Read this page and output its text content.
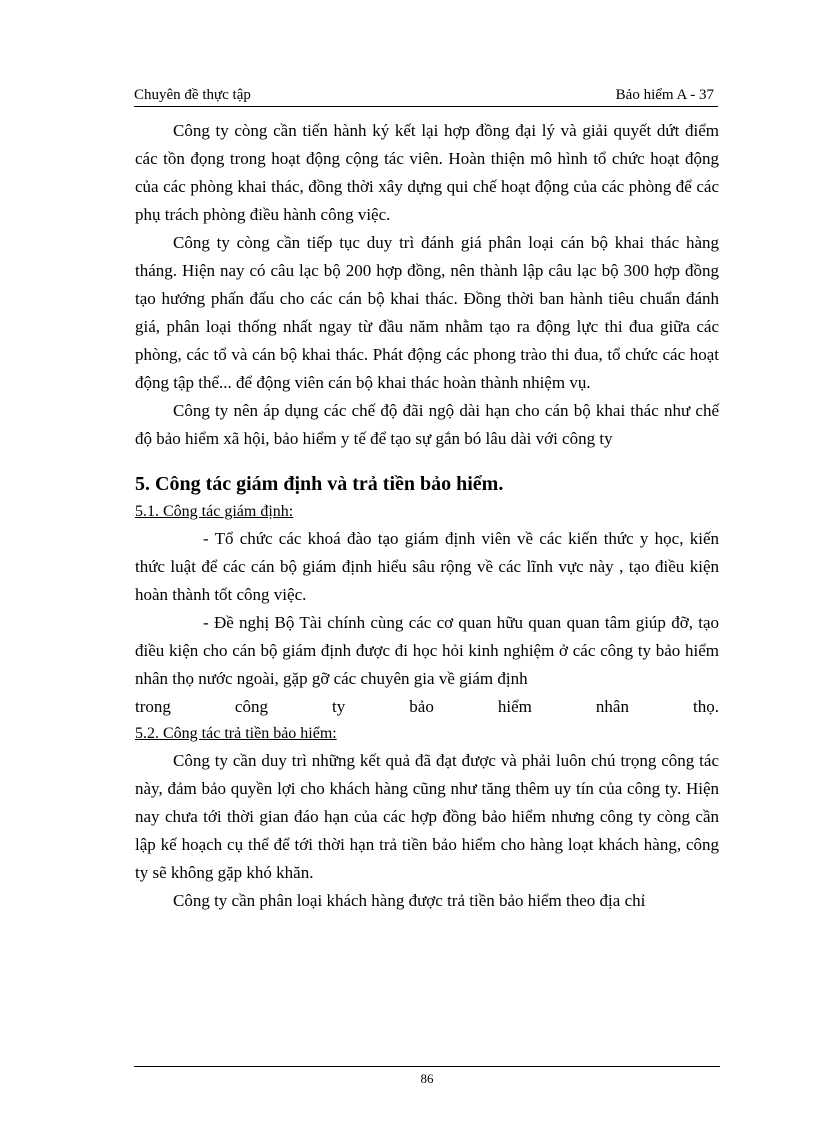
Chuyên đề thực tập	Bảo hiểm A - 37

Công ty còng cần tiến hành ký kết lại hợp đồng đại lý và giải quyết dứt điểm các tồn đọng trong hoạt động cộng tác viên. Hoàn thiện mô hình tổ chức hoạt động của các phòng khai thác, đồng thời xây dựng qui chế hoạt động của các phòng để các phụ trách phòng điều hành công việc.

Công ty còng cần tiếp tục duy trì đánh giá phân loại cán bộ khai thác hàng tháng. Hiện nay có câu lạc bộ 200 hợp đồng, nên thành lập câu lạc bộ 300 hợp đồng tạo hướng phấn đấu cho các cán bộ khai thác. Đồng thời ban hành tiêu chuẩn đánh giá, phân loại thống nhất ngay từ đầu năm nhằm tạo ra động lực thi đua giữa các phòng, các tổ và cán bộ khai thác. Phát động các phong trào thi đua, tổ chức các hoạt động tập thể... để động viên cán bộ khai thác hoàn thành nhiệm vụ.

Công ty nên áp dụng các chế độ đãi ngộ dài hạn cho cán bộ khai thác như chế độ bảo hiểm xã hội, bảo hiểm y tế để tạo sự gắn bó lâu dài với công ty

5. Công tác giám định và trả tiền bảo hiểm.

5.1. Công tác giám định:

- Tổ chức các khoá đào tạo giám định viên về các kiến thức y học, kiến thức luật để các cán bộ giám định hiểu sâu rộng về các lĩnh vực này , tạo điều kiện hoàn thành tốt công việc.

- Đề nghị Bộ Tài chính cùng các cơ quan hữu quan quan tâm giúp đỡ, tạo điều kiện cho cán bộ giám định được đi học hỏi kinh nghiệm ở các công ty bảo hiểm nhân thọ nước ngoài, gặp gỡ các chuyên gia về giám định

trong công ty bảo hiểm nhân thọ.

5.2. Công tác trả tiền bảo hiểm:

Công ty cần duy trì những kết quả đã đạt được và phải luôn chú trọng công tác này, đảm bảo quyền lợi cho khách hàng cũng như tăng thêm uy tín của công ty. Hiện nay chưa tới thời gian đáo hạn của các hợp đồng bảo hiểm nhưng công ty còng cần lập kế hoạch cụ thể để tới thời hạn trả tiền bảo hiểm cho hàng loạt khách hàng, công ty sẽ không gặp khó khăn.

Công ty cần phân loại khách hàng được trả tiền bảo hiểm theo địa chỉ

86
